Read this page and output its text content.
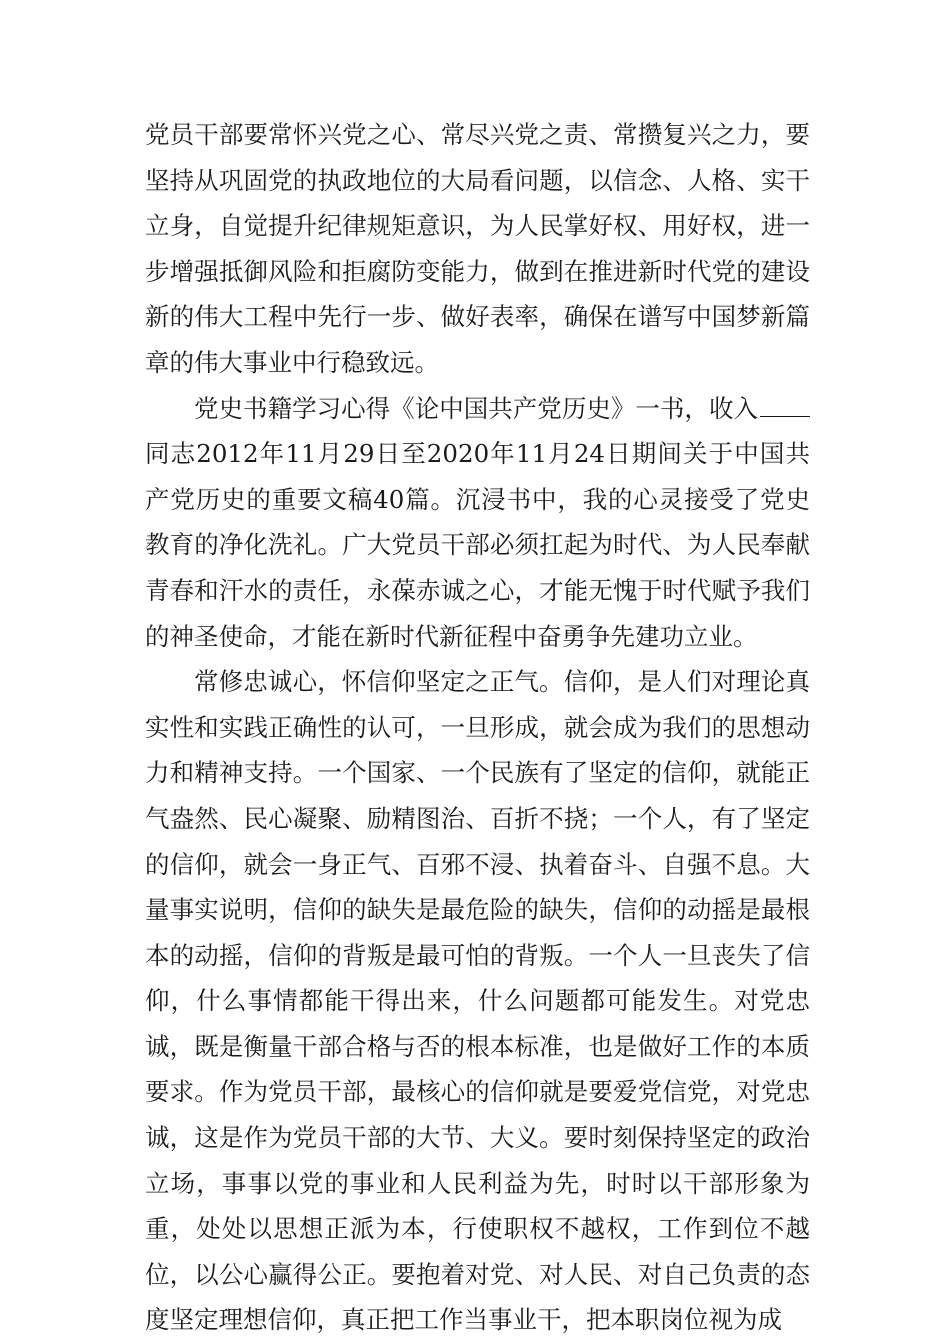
党员干部要常怀兴党之心、常尽兴党之责、常攒复兴之力，要坚持从巩固党的执政地位的大局看问题，以信念、人格、实干立身，自觉提升纪律规矩意识，为人民掌好权、用好权，进一步增强抵御风险和拒腐防变能力，做到在推进新时代党的建设新的伟大工程中先行一步、做好表率，确保在谱写中国梦新篇章的伟大事业中行稳致远。

党史书籍学习心得《论中国共产党历史》一书，收入同志2012年11月29日至2020年11月24日期间关于中国共产党历史的重要文稿40篇。沉浸书中，我的心灵接受了党史教育的净化洗礼。广大党员干部必须扛起为时代、为人民奉献青春和汗水的责任，永葆赤诚之心，才能无愧于时代赋予我们的神圣使命，才能在新时代新征程中奋勇争先建功立业。

常修忠诚心，怀信仰坚定之正气。信仰，是人们对理论真实性和实践正确性的认可，一旦形成，就会成为我们的思想动力和精神支持。一个国家、一个民族有了坚定的信仰，就能正气盎然、民心凝聚、励精图治、百折不挠；一个人，有了坚定的信仰，就会一身正气、百邪不浸、执着奋斗、自强不息。大量事实说明，信仰的缺失是最危险的缺失，信仰的动摇是最根本的动摇，信仰的背叛是最可怕的背叛。一个人一旦丧失了信仰，什么事情都能干得出来，什么问题都可能发生。对党忠诚，既是衡量干部合格与否的根本标准，也是做好工作的本质要求。作为党员干部，最核心的信仰就是要爱党信党，对党忠诚，这是作为党员干部的大节、大义。要时刻保持坚定的政治立场，事事以党的事业和人民利益为先，时时以干部形象为重，处处以思想正派为本，行使职权不越权，工作到位不越位，以公心赢得公正。要抱着对党、对人民、对自己负责的态度坚定理想信仰，真正把工作当事业干，把本职岗位视为成
